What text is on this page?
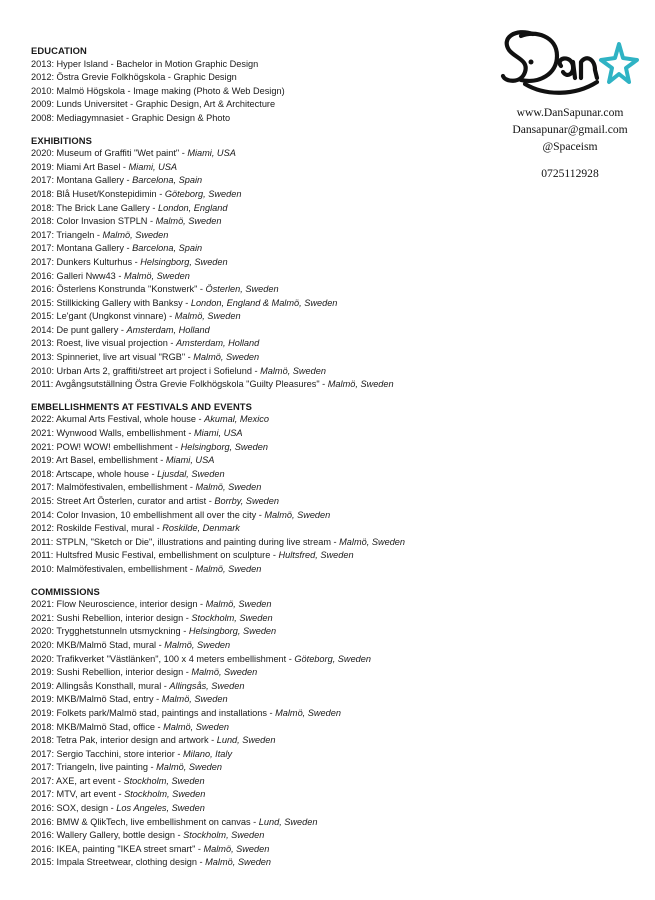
www.DanSapunar.com
Dansapunar@gmail.com
@Spaceism
0725112928
EDUCATION
2013: Hyper Island - Bachelor in Motion Graphic Design
2012: Östra Grevie Folkhögskola - Graphic Design
2010: Malmö Högskola - Image making (Photo & Web Design)
2009: Lunds Universitet - Graphic Design, Art & Architecture
2008: Mediagymnasiet - Graphic Design & Photo
EXHIBITIONS
2020: Museum of Graffiti "Wet paint" - Miami, USA
2019: Miami Art Basel - Miami, USA
2017: Montana Gallery - Barcelona, Spain
2018: Blå Huset/Konstepidimin - Göteborg, Sweden
2018: The Brick Lane Gallery - London, England
2018: Color Invasion STPLN - Malmö, Sweden
2017: Triangeln - Malmö, Sweden
2017: Montana Gallery - Barcelona, Spain
2017: Dunkers Kulturhus - Helsingborg, Sweden
2016: Galleri Nww43 - Malmö, Sweden
2016: Österlens Konstrunda "Konstwerk" - Österlen, Sweden
2015: Stillkicking Gallery with Banksy - London, England & Malmö, Sweden
2015: Le'gant (Ungkonst vinnare) - Malmö, Sweden
2014: De punt gallery - Amsterdam, Holland
2013: Roest, live visual projection - Amsterdam, Holland
2013: Spinneriet, live art visual "RGB" - Malmö, Sweden
2010: Urban Arts 2, graffiti/street art project i Sofielund - Malmö, Sweden
2011: Avgångsutställning Östra Grevie Folkhögskola "Guilty Pleasures" - Malmö, Sweden
EMBELLISHMENTS AT FESTIVALS AND EVENTS
2022: Akumal Arts Festival, whole house - Akumal, Mexico
2021: Wynwood Walls, embellishment - Miami, USA
2021: POW! WOW! embellishment - Helsingborg, Sweden
2019: Art Basel, embellishment - Miami, USA
2018: Artscape, whole house - Ljusdal, Sweden
2017: Malmöfestivalen, embellishment - Malmö, Sweden
2015: Street Art Österlen, curator and artist - Borrby, Sweden
2014: Color Invasion, 10 embellishment all over the city - Malmö, Sweden
2012: Roskilde Festival, mural - Roskilde, Denmark
2011: STPLN, "Sketch or Die", illustrations and painting during live stream - Malmö, Sweden
2011: Hultsfred Music Festival, embellishment on sculpture - Hultsfred, Sweden
2010: Malmöfestivalen, embellishment - Malmö, Sweden
COMMISSIONS
2021: Flow Neuroscience, interior design - Malmö, Sweden
2021: Sushi Rebellion, interior design - Stockholm, Sweden
2020: Trygghetstunneln utsmyckning - Helsingborg, Sweden
2020: MKB/Malmö Stad, mural - Malmö, Sweden
2020: Trafikverket "Västlänken", 100 x 4 meters embellishment - Göteborg, Sweden
2019: Sushi Rebellion, interior design - Malmö, Sweden
2019: Allingsås Konsthall, mural - Allingsås, Sweden
2019: MKB/Malmö Stad, entry - Malmö, Sweden
2019: Folkets park/Malmö stad, paintings and installations - Malmö, Sweden
2018: MKB/Malmö Stad, office - Malmö, Sweden
2018: Tetra Pak, interior design and artwork - Lund, Sweden
2017: Sergio Tacchini, store interior - Milano, Italy
2017: Triangeln, live painting - Malmö, Sweden
2017: AXE, art event - Stockholm, Sweden
2017: MTV, art event - Stockholm, Sweden
2016: SOX, design - Los Angeles, Sweden
2016: BMW & QlikTech, live embellishment on canvas - Lund, Sweden
2016: Wallery Gallery, bottle design - Stockholm, Sweden
2016: IKEA, painting "IKEA street smart" - Malmö, Sweden
2015: Impala Streetwear, clothing design - Malmö, Sweden
